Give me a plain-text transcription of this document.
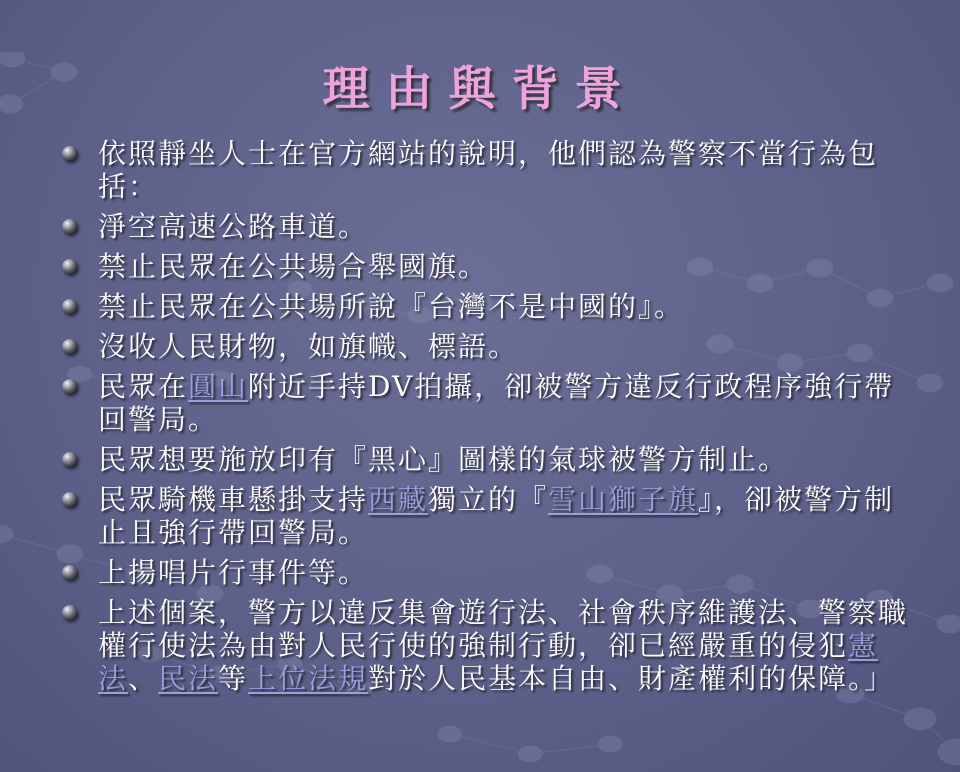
理由與背景
依照靜坐人士在官方網站的說明，他們認為警察不當行為包括：
淨空高速公路車道。
禁止民眾在公共場合舉國旗。
禁止民眾在公共場所說『台灣不是中國的』。
沒收人民財物，如旗幟、標語。
民眾在圓山附近手持DV拍攝，卻被警方違反行政程序強行帶回警局。
民眾想要施放印有『黑心』圖樣的氣球被警方制止。
民眾騎機車懸掛支持西藏獨立的『雪山獅子旗』，卻被警方制止且強行帶回警局。
上揚唱片行事件等。
上述個案，警方以違反集會遊行法、社會秩序維護法、警察職權行使法為由對人民行使的強制行動，卻已經嚴重的侵犯憲法、民法等上位法規對於人民基本自由、財產權利的保障。」
